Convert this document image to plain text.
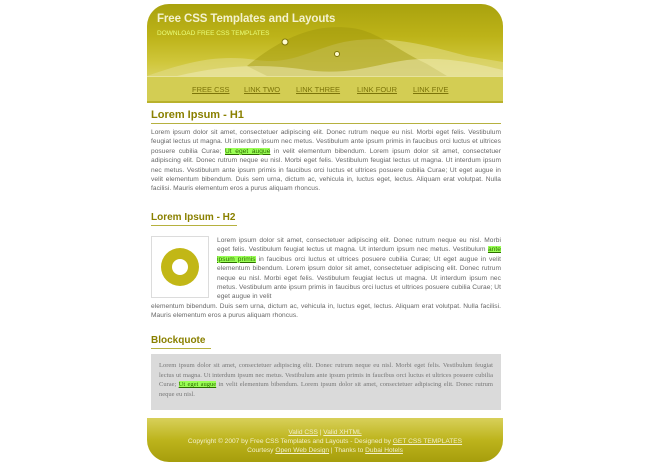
Free CSS Templates and Layouts
DOWNLOAD FREE CSS TEMPLATES
FREE CSS LINK TWO LINK THREE LINK FOUR LINK FIVE
Lorem Ipsum - H1

Lorem ipsum dolor sit amet, consectetuer adipiscing elit. Donec rutrum neque eu nisl. Morbi eget felis. Vestibulum feugiat lectus ut magna. Ut interdum ipsum nec metus. Vestibulum ante ipsum primis in faucibus orci luctus et ultrices posuere cubilia Curae; Ut eget augue in velit elementum bibendum. Lorem ipsum dolor sit amet, consectetuer adipiscing elit. Donec rutrum neque eu nisl. Morbi eget felis. Vestibulum feugiat lectus ut magna. Ut interdum ipsum nec metus. Vestibulum ante ipsum primis in faucibus orci luctus et ultrices posuere cubilia Curae; Ut eget augue in velit elementum bibendum. Duis sem urna, dictum ac, vehicula in, luctus eget, lectus. Aliquam erat volutpat. Nulla facilisi. Mauris elementum eros a purus aliquam rhoncus.

Lorem Ipsum - H2

Lorem ipsum dolor sit amet, consectetuer adipiscing elit. Donec rutrum neque eu nisl. Morbi eget felis. Vestibulum feugiat lectus ut magna. Ut interdum ipsum nec metus. Vestibulum ante ipsum primis in faucibus orci luctus et ultrices posuere cubilia Curae; Ut eget augue in velit elementum bibendum. Lorem ipsum dolor sit amet, consectetuer adipiscing elit. Donec rutrum neque eu nisl. Morbi eget felis. Vestibulum feugiat lectus ut magna. Ut interdum ipsum nec metus. Vestibulum ante ipsum primis in faucibus orci luctus et ultrices posuere cubilia Curae; Ut eget augue in velit

elementum bibendum. Duis sem urna, dictum ac, vehicula in, luctus eget, lectus. Aliquam erat volutpat. Nulla facilisi. Mauris elementum eros a purus aliquam rhoncus.

Blockquote

Lorem ipsum dolor sit amet, consectetuer adipiscing elit. Donec rutrum neque eu nisl. Morbi eget felis. Vestibulum feugiat lectus ut magna. Ut interdum ipsum nec metus. Vestibulum ante ipsum primis in faucibus orci luctus et ultrices posuere cubilia Curae; Ut eget augue in velit elementum bibendum. Lorem ipsum dolor sit amet, consectetuer adipiscing elit. Donec rutrum neque eu nisl.

Valid CSS | Valid XHTML
Copyright © 2007 by Free CSS Templates and Layouts - Designed by GET CSS TEMPLATES
Courtesy Open Web Design | Thanks to Dubai Hotels
